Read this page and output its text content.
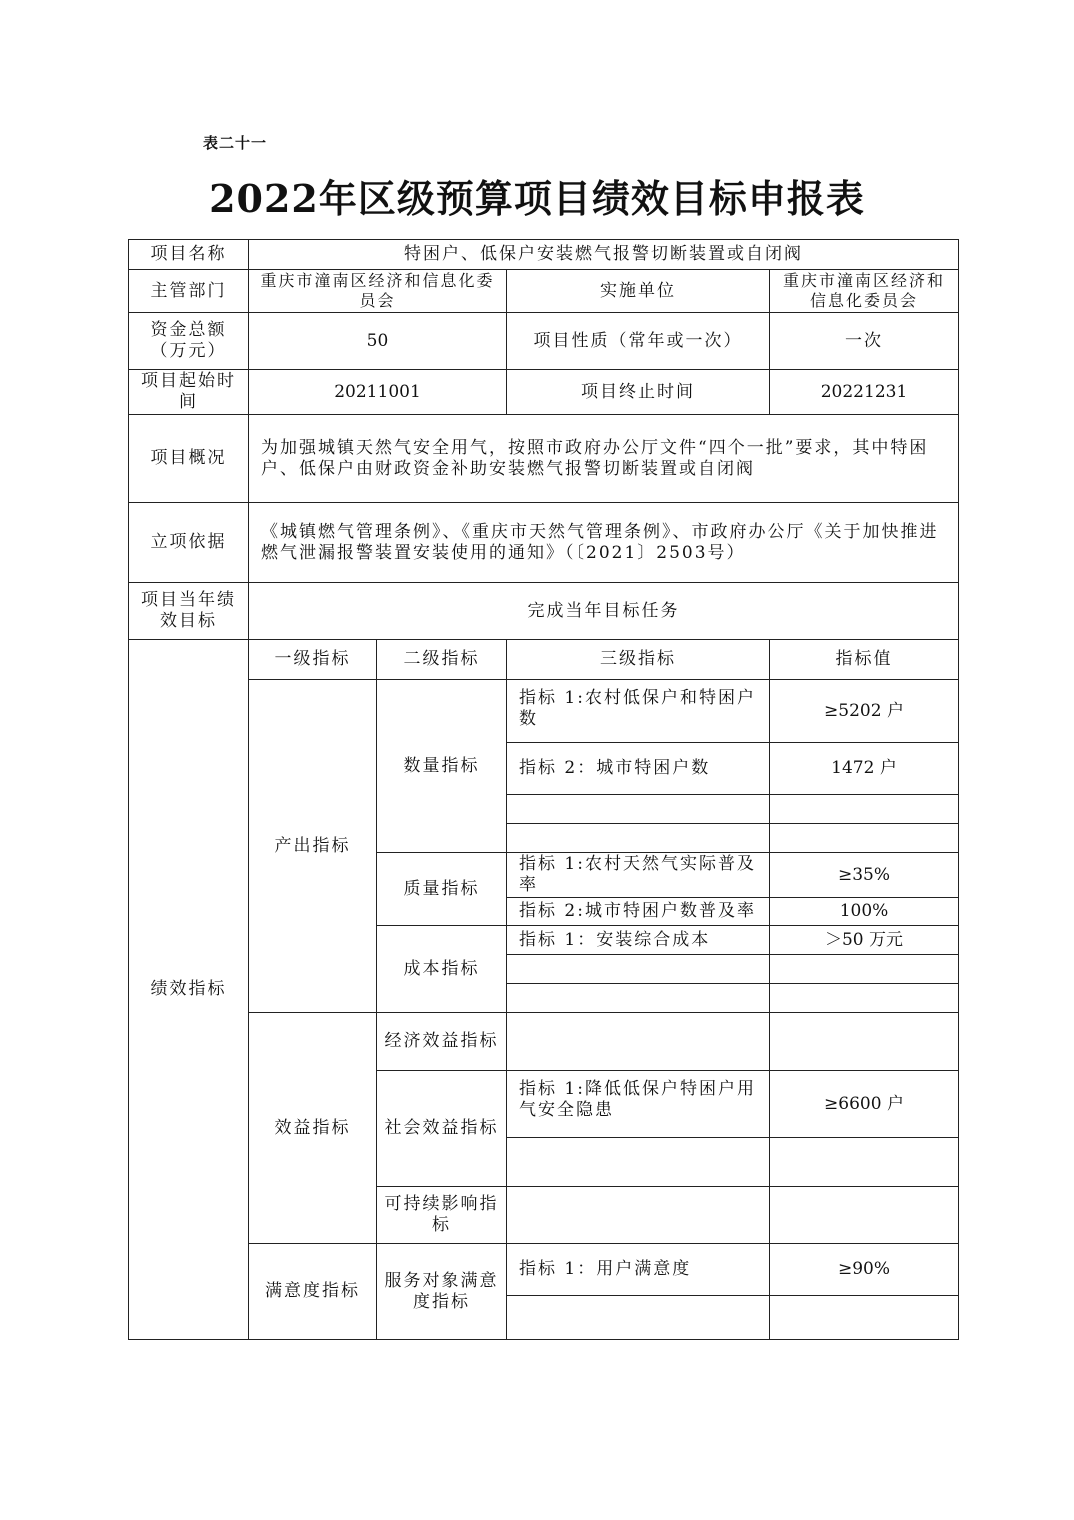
表二十一
2022年区级预算项目绩效目标申报表
项目名称	特困户、低保户安装燃气报警切断装置或自闭阀			
主管部门	重庆市潼南区经济和信息化委员会		实施单位	重庆市潼南区经济和信息化委员会
资金总额（万元）	50		项目性质（常年或一次）	一次
项目起始时间	20211001		项目终止时间	20221231
项目概况	为加强城镇天然气安全用气，按照市政府办公厅文件“四个一批”要求，其中特困户、低保户由财政资金补助安装燃气报警切断装置或自闭阀			
立项依据	《城镇燃气管理条例》、《重庆市天然气管理条例》、市政府办公厅《关于加快推进燃气泄漏报警装置安装使用的通知》（〔2021〕2503号）			
项目当年绩效目标	完成当年目标任务			
绩效指标	一级指标	二级指标	三级指标	指标值
	产出指标	数量指标	指标 1:农村低保户和特困户数	≥5202 户
			指标 2：城市特困户数	1472 户

		质量指标	指标 1:农村天然气实际普及率	≥35%
			指标 2:城市特困户数普及率	100%
		成本指标	指标 1：安装综合成本	＞50 万元

	效益指标	经济效益指标		
		社会效益指标	指标 1:降低低保户特困户用气安全隐患	≥6600 户

		可持续影响指标		
	满意度指标	服务对象满意度指标	指标 1：用户满意度	≥90%
